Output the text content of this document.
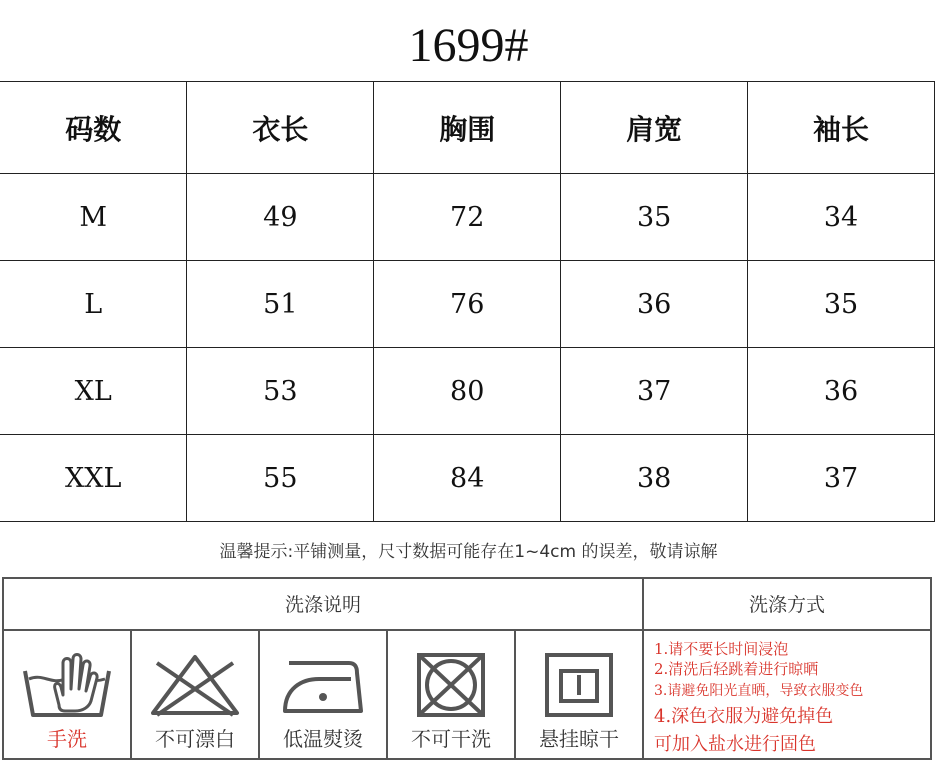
1699#
码数	衣长	胸围	肩宽	袖长
M	49	72	35	34
L	51	76	36	35
XL	53	80	37	36
XXL	55	84	38	37
温馨提示:平铺测量，尺寸数据可能存在1~4cm 的误差，敬请谅解
洗涤说明	洗涤方式
手洗	不可漂白	低温熨烫	不可干洗	悬挂晾干
1.请不要长时间浸泡
2.清洗后轻跳着进行晾晒
3.请避免阳光直晒，导致衣服变色
4.深色衣服为避免掉色
可加入盐水进行固色
